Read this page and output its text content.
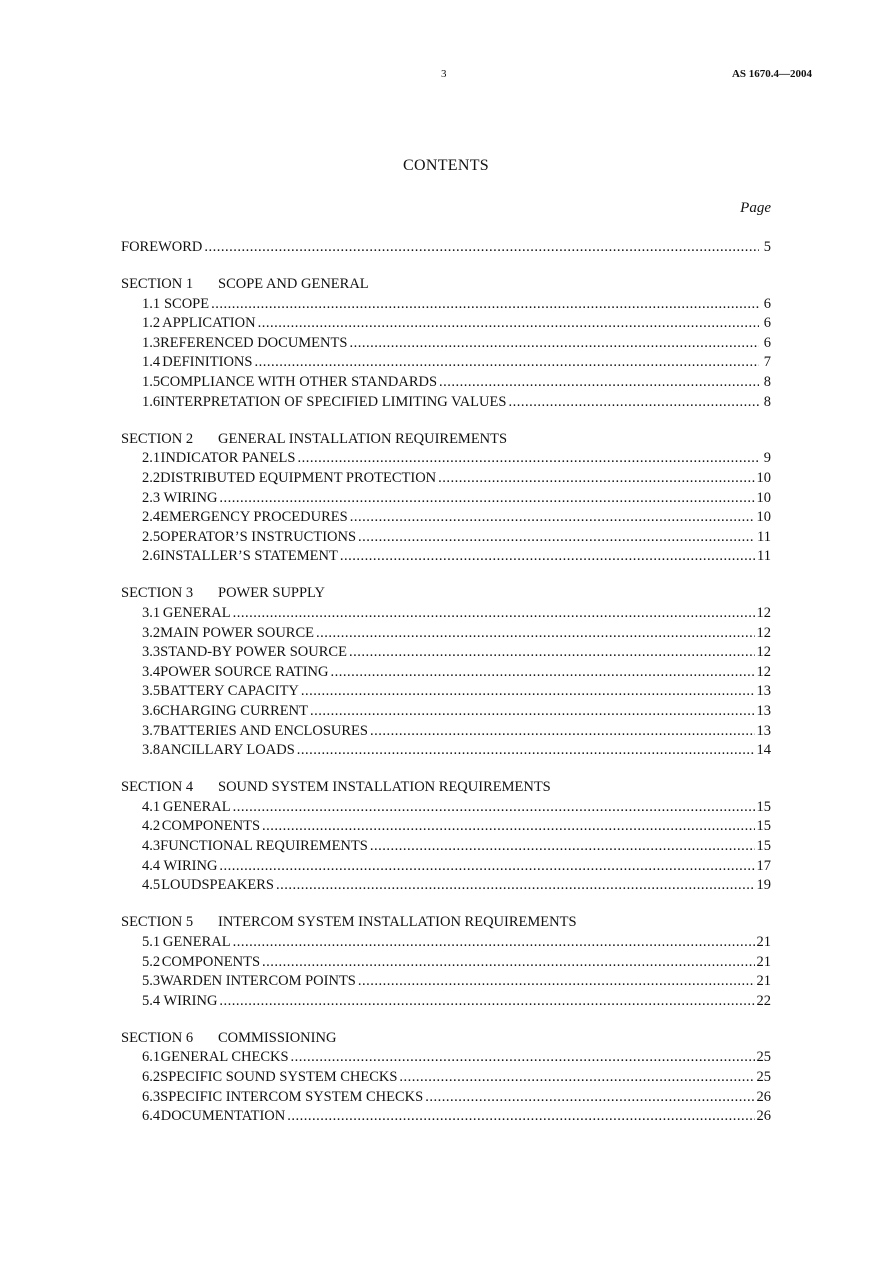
3	AS 1670.4—2004
CONTENTS
Page
FOREWORD .....	5
SECTION 1 SCOPE AND GENERAL
1.1 SCOPE .....	6
1.2 APPLICATION .....	6
1.3 REFERENCED DOCUMENTS .....	6
1.4 DEFINITIONS .....	7
1.5 COMPLIANCE WITH OTHER STANDARDS .....	8
1.6 INTERPRETATION OF SPECIFIED LIMITING VALUES .....	8
SECTION 2 GENERAL INSTALLATION REQUIREMENTS
2.1 INDICATOR PANELS .....	9
2.2 DISTRIBUTED EQUIPMENT PROTECTION .....	10
2.3 WIRING .....	10
2.4 EMERGENCY PROCEDURES .....	10
2.5 OPERATOR’S INSTRUCTIONS .....	11
2.6 INSTALLER’S STATEMENT .....	11
SECTION 3 POWER SUPPLY
3.1 GENERAL .....	12
3.2 MAIN POWER SOURCE .....	12
3.3 STAND-BY POWER SOURCE .....	12
3.4 POWER SOURCE RATING .....	12
3.5 BATTERY CAPACITY .....	13
3.6 CHARGING CURRENT .....	13
3.7 BATTERIES AND ENCLOSURES .....	13
3.8 ANCILLARY LOADS .....	14
SECTION 4 SOUND SYSTEM INSTALLATION REQUIREMENTS
4.1 GENERAL .....	15
4.2 COMPONENTS .....	15
4.3 FUNCTIONAL REQUIREMENTS .....	15
4.4 WIRING .....	17
4.5 LOUDSPEAKERS .....	19
SECTION 5 INTERCOM SYSTEM INSTALLATION REQUIREMENTS
5.1 GENERAL .....	21
5.2 COMPONENTS .....	21
5.3 WARDEN INTERCOM POINTS .....	21
5.4 WIRING .....	22
SECTION 6 COMMISSIONING
6.1 GENERAL CHECKS .....	25
6.2 SPECIFIC SOUND SYSTEM CHECKS .....	25
6.3 SPECIFIC INTERCOM SYSTEM CHECKS .....	26
6.4 DOCUMENTATION .....	26
